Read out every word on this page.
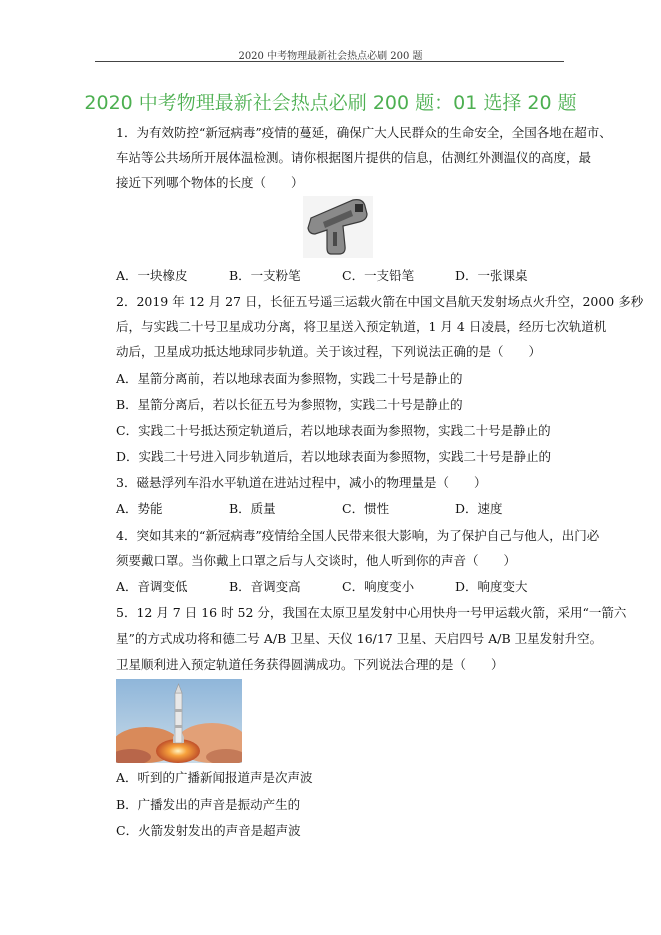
2020 中考物理最新社会热点必刷 200 题
2020 中考物理最新社会热点必刷 200 题：01 选择 20 题
1．为有效防控“新冠病毒”疫情的蔓延，确保广大人民群众的生命安全，全国各地在超市、
车站等公共场所开展体温检测。请你根据图片提供的信息，估测红外测温仪的高度，最
接近下列哪个物体的长度（　　）
A．一块橡皮	B．一支粉笔	C．一支铅笔	D．一张课桌
2．2019 年 12 月 27 日，长征五号遥三运载火箭在中国文昌航天发射场点火升空，2000 多秒
后，与实践二十号卫星成功分离，将卫星送入预定轨道，1 月 4 日凌晨，经历七次轨道机
动后，卫星成功抵达地球同步轨道。关于该过程，下列说法正确的是（　　）
A．星箭分离前，若以地球表面为参照物，实践二十号是静止的
B．星箭分离后，若以长征五号为参照物，实践二十号是静止的
C．实践二十号抵达预定轨道后，若以地球表面为参照物，实践二十号是静止的
D．实践二十号进入同步轨道后，若以地球表面为参照物，实践二十号是静止的
3．磁悬浮列车沿水平轨道在进站过程中，减小的物理量是（　　）
A．势能	B．质量	C．惯性	D．速度
4．突如其来的“新冠病毒”疫情给全国人民带来很大影响，为了保护自己与他人，出门必
须要戴口罩。当你戴上口罩之后与人交谈时，他人听到你的声音（　　）
A．音调变低	B．音调变高	C．响度变小	D．响度变大
5．12 月 7 日 16 时 52 分，我国在太原卫星发射中心用快舟一号甲运载火箭，采用“一箭六
星”的方式成功将和德二号 A/B 卫星、天仪 16/17 卫星、天启四号 A/B 卫星发射升空。
卫星顺利进入预定轨道任务获得圆满成功。下列说法合理的是（　　）
A．听到的广播新闻报道声是次声波
B．广播发出的声音是振动产生的
C．火箭发射发出的声音是超声波
